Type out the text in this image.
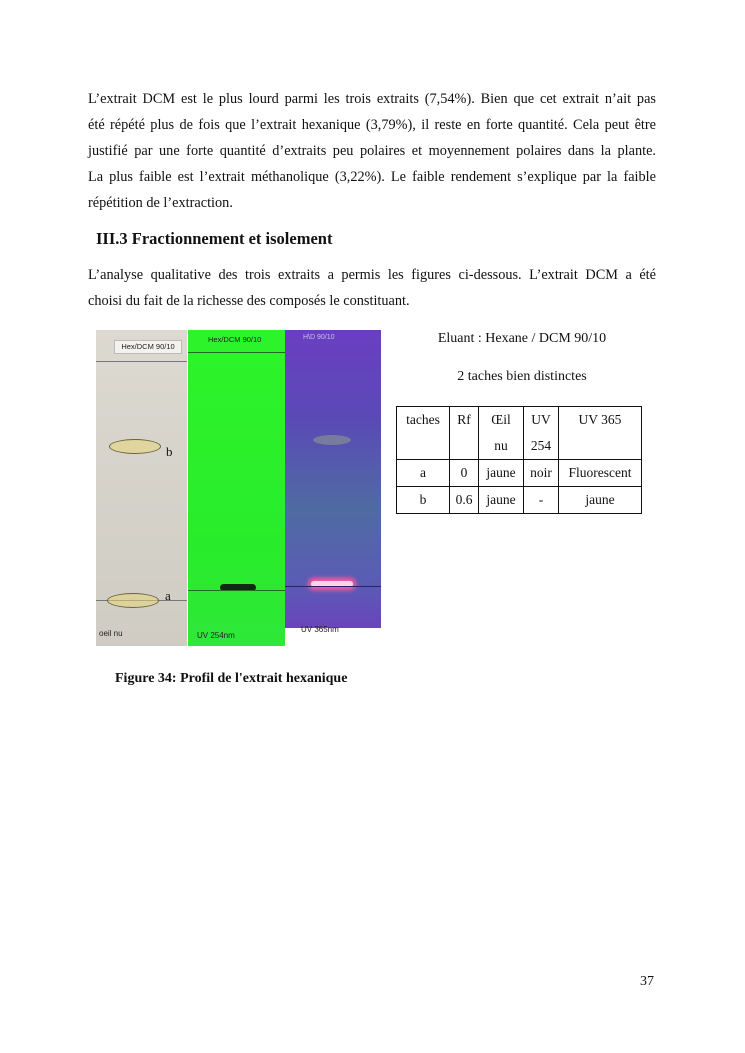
L’extrait DCM est le plus lourd parmi les trois extraits (7,54%). Bien que cet extrait n’ait pas
été répété plus de fois que l’extrait hexanique (3,79%), il reste en forte quantité. Cela peut être
justifié par une forte quantité d’extraits peu polaires et moyennement polaires dans la plante.
La plus faible est l’extrait méthanolique (3,22%). Le faible rendement s’explique par la faible
répétition de l’extraction.

III.3 Fractionnement et isolement

L’analyse qualitative des trois extraits a permis les figures ci-dessous. L’extrait DCM a été
choisi du fait de la richesse des composés le constituant.

Hex/DCM 90/10
oeil nu
b
a
Hex/DCM 90/10
UV 254nm
H\D 90/10
UV 365nm

Eluant : Hexane / DCM 90/10

2 taches bien distinctes

taches	Rf	Œil nu	UV 254	UV 365
a	0	jaune	noir	Fluorescent
b	0.6	jaune	-	jaune

Figure 34: Profil de l'extrait hexanique

37
